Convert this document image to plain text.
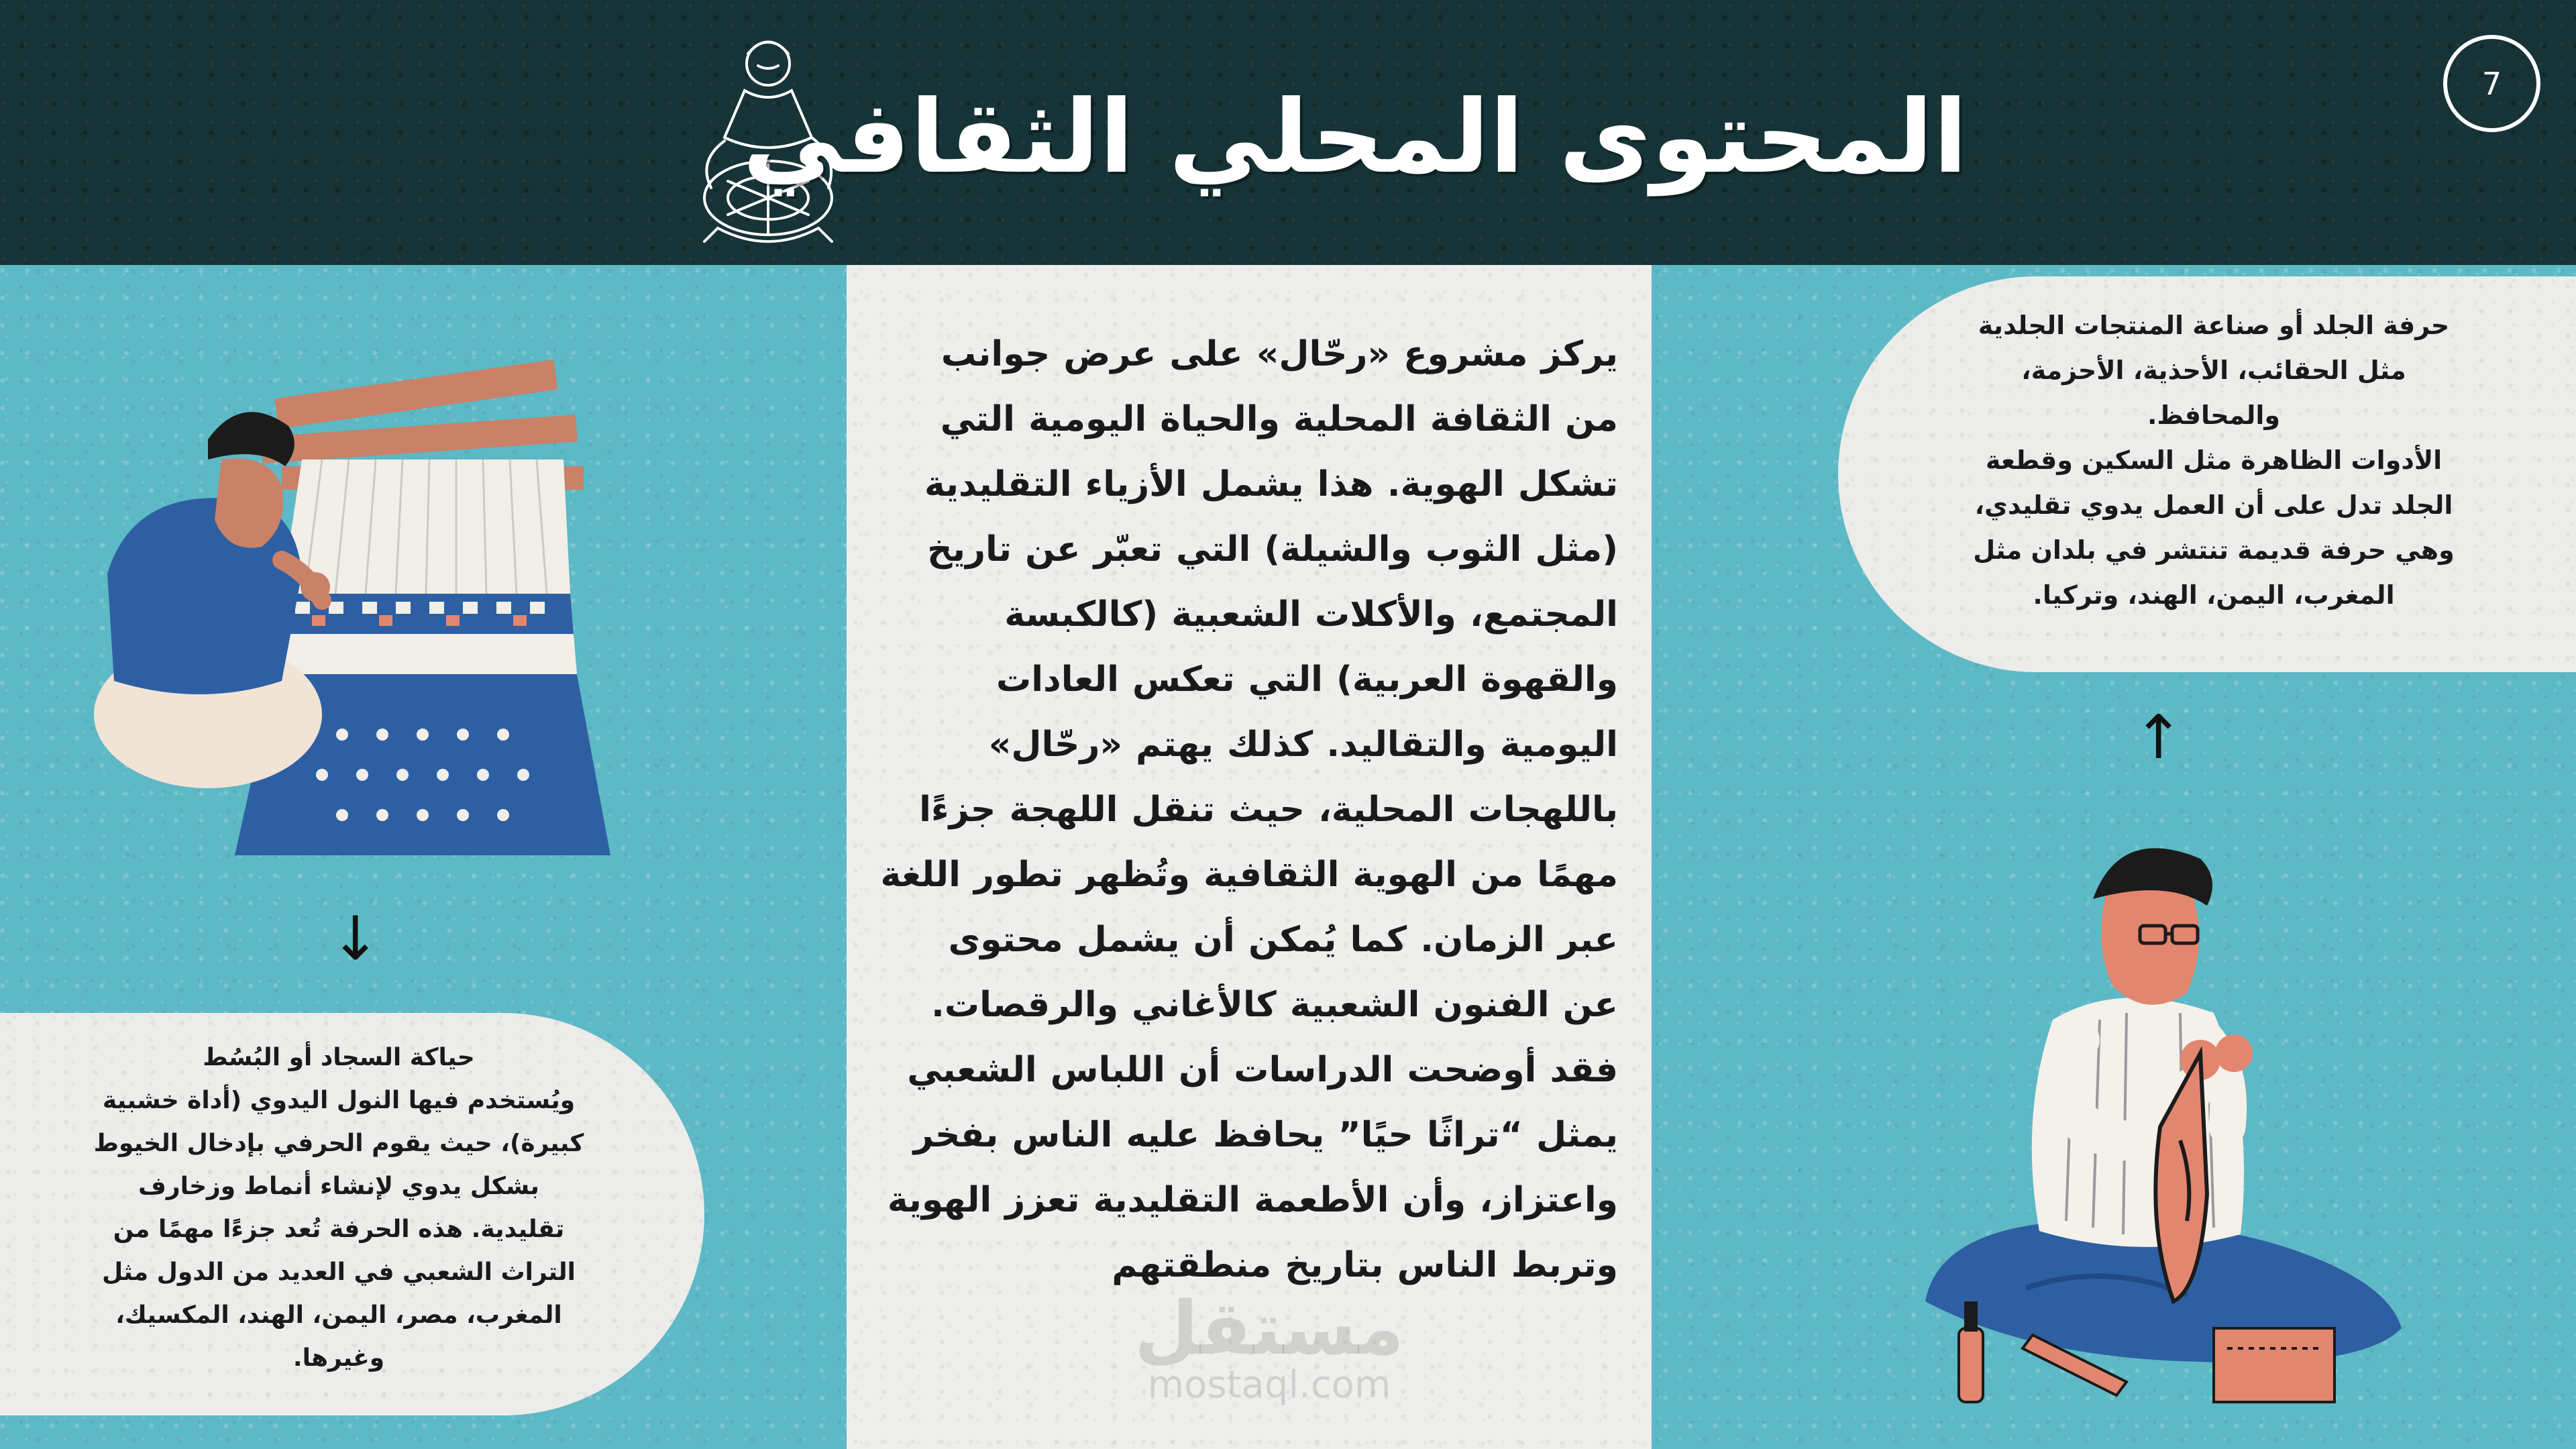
المحتوى المحلي الثقافي	7
↓
حياكة السجاد أو البُسُط
ويُستخدم فيها النول اليدوي (أداة خشبية
كبيرة)، حيث يقوم الحرفي بإدخال الخيوط
بشكل يدوي لإنشاء أنماط وزخارف
تقليدية. هذه الحرفة تُعد جزءًا مهمًا من
التراث الشعبي في العديد من الدول مثل
المغرب، مصر، اليمن، الهند، المكسيك،
وغيرها.
يركز مشروع «رحّال» على عرض جوانب من الثقافة المحلية والحياة اليومية التي تشكل الهوية. هذا يشمل الأزياء التقليدية (مثل الثوب والشيلة) التي تعبّر عن تاريخ المجتمع، والأكلات الشعبية (كالكبسة والقهوة العربية) التي تعكس العادات اليومية والتقاليد. كذلك يهتم «رحّال» باللهجات المحلية، حيث تنقل اللهجة جزءًا مهمًا من الهوية الثقافية وتُظهر تطور اللغة عبر الزمان. كما يُمكن أن يشمل محتوى عن الفنون الشعبية كالأغاني والرقصات. فقد أوضحت الدراسات أن اللباس الشعبي يمثل “تراثًا حيًا” يحافظ عليه الناس بفخر واعتزاز، وأن الأطعمة التقليدية تعزز الهوية وتربط الناس بتاريخ منطقتهم
مستقل
mostaql.com
حرفة الجلد أو صناعة المنتجات الجلدية
مثل الحقائب، الأحذية، الأحزمة،
والمحافظ.
الأدوات الظاهرة مثل السكين وقطعة
الجلد تدل على أن العمل يدوي تقليدي،
وهي حرفة قديمة تنتشر في بلدان مثل
المغرب، اليمن، الهند، وتركيا.
↑
